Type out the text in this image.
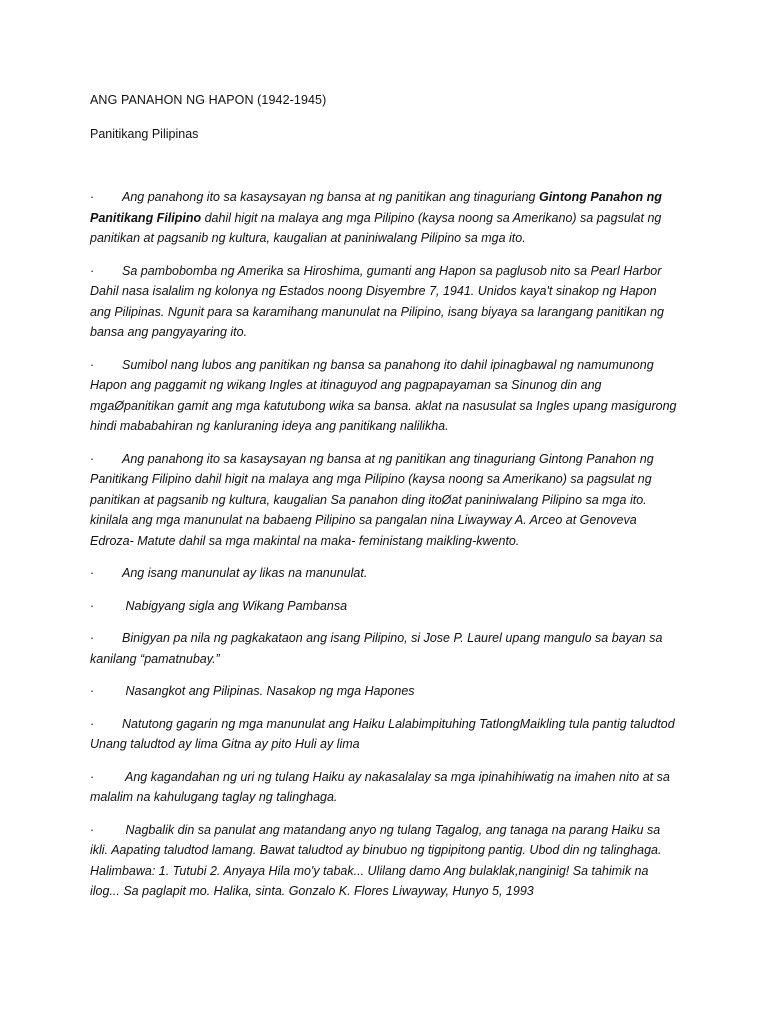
ANG PANAHON NG HAPON (1942-1945)
Panitikang Pilipinas

· Ang panahong ito sa kasaysayan ng bansa at ng panitikan ang tinaguriang Gintong Panahon ng Panitikang Filipino dahil higit na malaya ang mga Pilipino (kaysa noong sa Amerikano) sa pagsulat ng panitikan at pagsanib ng kultura, kaugalian at paniniwalang Pilipino sa mga ito.

· Sa pambobomba ng Amerika sa Hiroshima, gumanti ang Hapon sa paglusob nito sa Pearl Harbor Dahil nasa isalalim ng kolonya ng Estados noong Disyembre 7, 1941. Unidos kaya't sinakop ng Hapon ang Pilipinas. Ngunit para sa karamihang manunulat na Pilipino, isang biyaya sa larangang panitikan ng bansa ang pangyayaring ito.

· Sumibol nang lubos ang panitikan ng bansa sa panahong ito dahil ipinagbawal ng namumunong Hapon ang paggamit ng wikang Ingles at itinaguyod ang pagpapayaman sa Sinunog din ang mgaØpanitikan gamit ang mga katutubong wika sa bansa. aklat na nasusulat sa Ingles upang masigurong hindi mababahiran ng kanluraning ideya ang panitikang nalilikha.

· Ang panahong ito sa kasaysayan ng bansa at ng panitikan ang tinaguriang Gintong Panahon ng Panitikang Filipino dahil higit na malaya ang mga Pilipino (kaysa noong sa Amerikano) sa pagsulat ng panitikan at pagsanib ng kultura, kaugalian Sa panahon ding itoØat paniniwalang Pilipino sa mga ito. kinilala ang mga manunulat na babaeng Pilipino sa pangalan nina Liwayway A. Arceo at Genoveva Edroza- Matute dahil sa mga makintal na maka- feministang maikling-kwento.

· Ang isang manunulat ay likas na manunulat.

· Nabigyang sigla ang Wikang Pambansa

· Binigyan pa nila ng pagkakataon ang isang Pilipino, si Jose P. Laurel upang mangulo sa bayan sa kanilang “pamatnubay.”

· Nasangkot ang Pilipinas. Nasakop ng mga Hapones

· Natutong gagarin ng mga manunulat ang Haiku Lalabimpituhing TatlongMaikling tula pantig taludtod Unang taludtod ay lima Gitna ay pito Huli ay lima

· Ang kagandahan ng uri ng tulang Haiku ay nakasalalay sa mga ipinahihiwatig na imahen nito at sa malalim na kahulugang taglay ng talinghaga.

· Nagbalik din sa panulat ang matandang anyo ng tulang Tagalog, ang tanaga na parang Haiku sa ikli. Aapating taludtod lamang. Bawat taludtod ay binubuo ng tigpipitong pantig. Ubod din ng talinghaga. Halimbawa: 1. Tutubi 2. Anyaya Hila mo'y tabak... Ulilang damo Ang bulaklak,nanginig! Sa tahimik na ilog... Sa paglapit mo. Halika, sinta. Gonzalo K. Flores Liwayway, Hunyo 5, 1993
